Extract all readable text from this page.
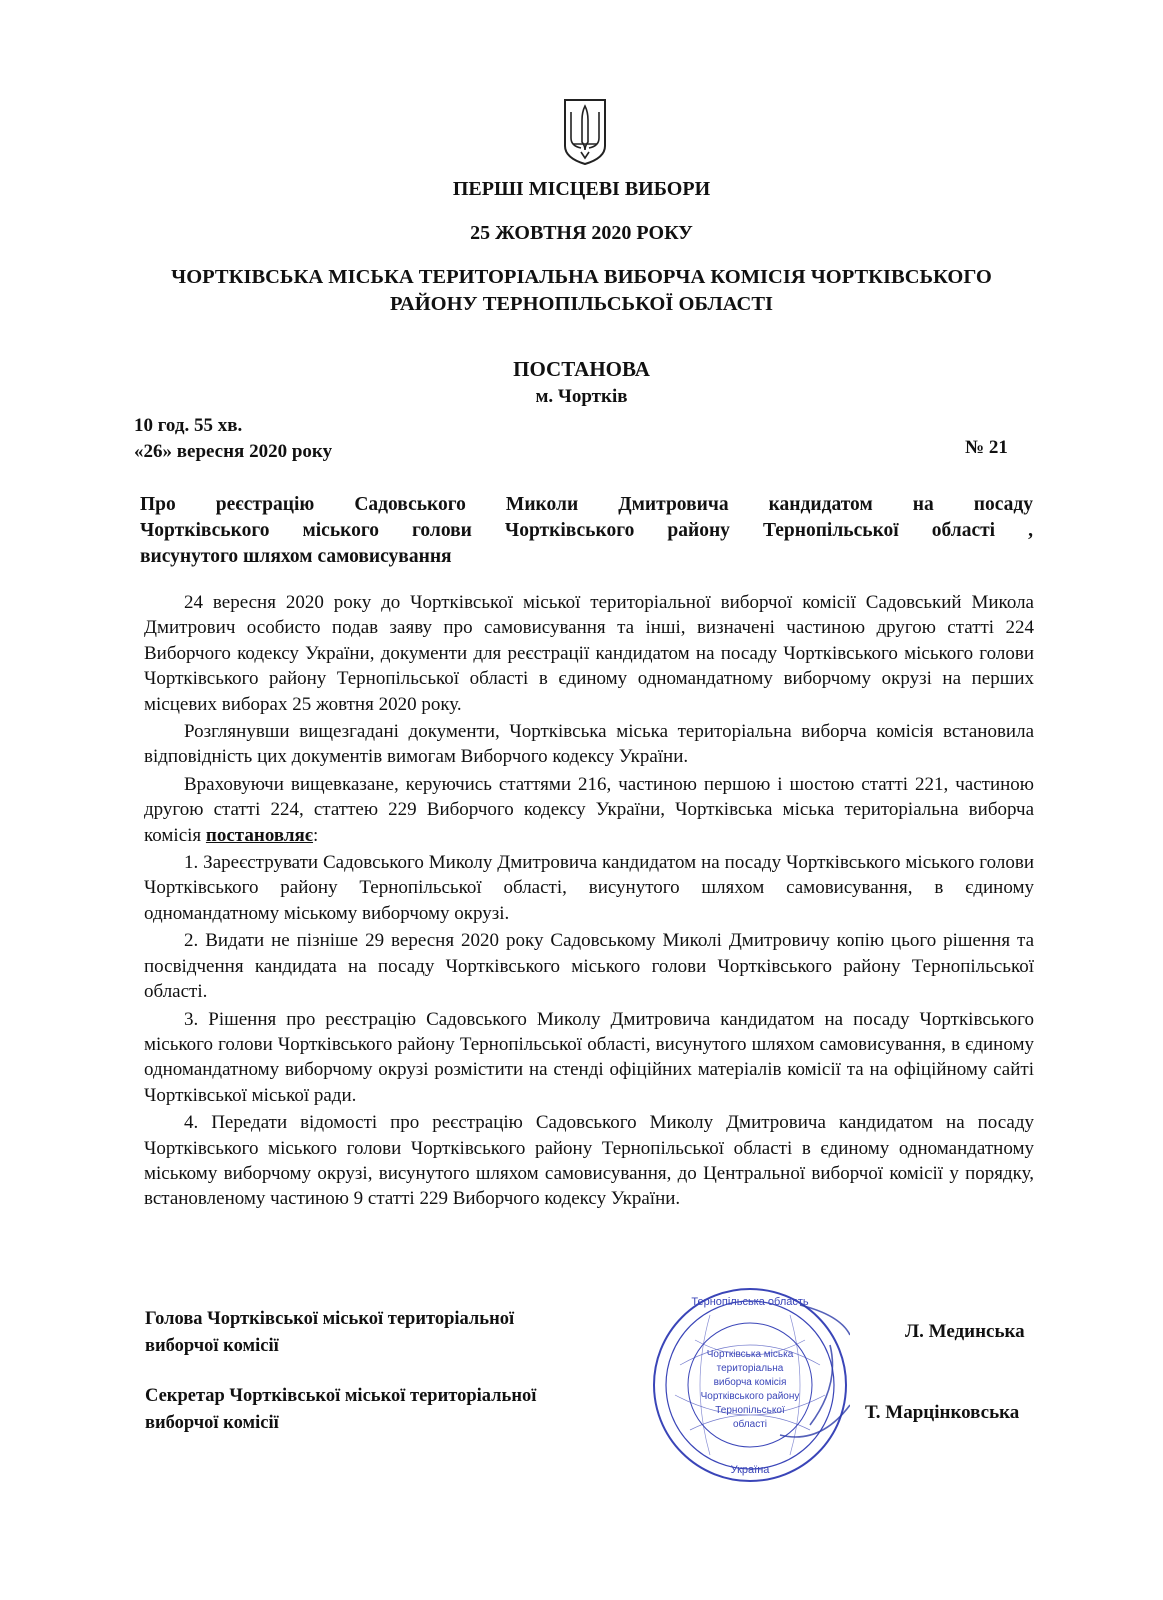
ПЕРШІ МІСЦЕВІ ВИБОРИ
25 ЖОВТНЯ 2020 РОКУ
ЧОРТКІВСЬКА МІСЬКА ТЕРИТОРІАЛЬНА ВИБОРЧА КОМІСІЯ ЧОРТКІВСЬКОГО
РАЙОНУ ТЕРНОПІЛЬСЬКОЇ ОБЛАСТІ
ПОСТАНОВА
м. Чортків
10 год. 55 хв.
«26» вересня 2020 року	№ 21
Про реєстрацію Садовського Миколи Дмитровича кандидатом на посаду
Чортківського міського голови Чортківського району Тернопільської області ,
висунутого шляхом самовисування

24 вересня 2020 року до Чортківської міської територіальної виборчої комісії Садовський Микола Дмитрович особисто подав заяву про самовисування та інші, визначені частиною другою статті 224 Виборчого кодексу України, документи для реєстрації кандидатом на посаду Чортківського міського голови Чортківського району Тернопільської області в єдиному одномандатному виборчому окрузі на перших місцевих виборах 25 жовтня 2020 року.

Розглянувши вищезгадані документи, Чортківська міська територіальна виборча комісія встановила відповідність цих документів вимогам Виборчого кодексу України.

Враховуючи вищевказане, керуючись статтями 216, частиною першою і шостою статті 221, частиною другою статті 224, статтею 229 Виборчого кодексу України, Чортківська міська територіальна виборча комісія постановляє:

1. Зареєструвати Садовського Миколу Дмитровича кандидатом на посаду Чортківського міського голови Чортківського району Тернопільської області, висунутого шляхом самовисування, в єдиному одномандатному міському виборчому окрузі.

2. Видати не пізніше 29 вересня 2020 року Садовському Миколі Дмитровичу копію цього рішення та посвідчення кандидата на посаду Чортківського міського голови Чортківського району Тернопільської області.

3. Рішення про реєстрацію Садовського Миколу Дмитровича кандидатом на посаду Чортківського міського голови Чортківського району Тернопільської області, висунутого шляхом самовисування, в єдиному одномандатному виборчому окрузі розмістити на стенді офіційних матеріалів комісії та на офіційному сайті Чортківської міської ради.

4. Передати відомості про реєстрацію Садовського Миколу Дмитровича кандидатом на посаду Чортківського міського голови Чортківського району Тернопільської області в єдиному одномандатному міському виборчому окрузі, висунутого шляхом самовисування, до Центральної виборчої комісії у порядку, встановленому частиною 9 статті 229 Виборчого кодексу України.

Голова Чортківської міської територіальної
виборчої комісії
Л. Мединська
Секретар Чортківської міської територіальної
виборчої комісії	Т. Марцінковська
Чортківська міська
територіальна
виборча комісія
Чортківського району
Тернопільської
області
Тернопільська область
Україна
